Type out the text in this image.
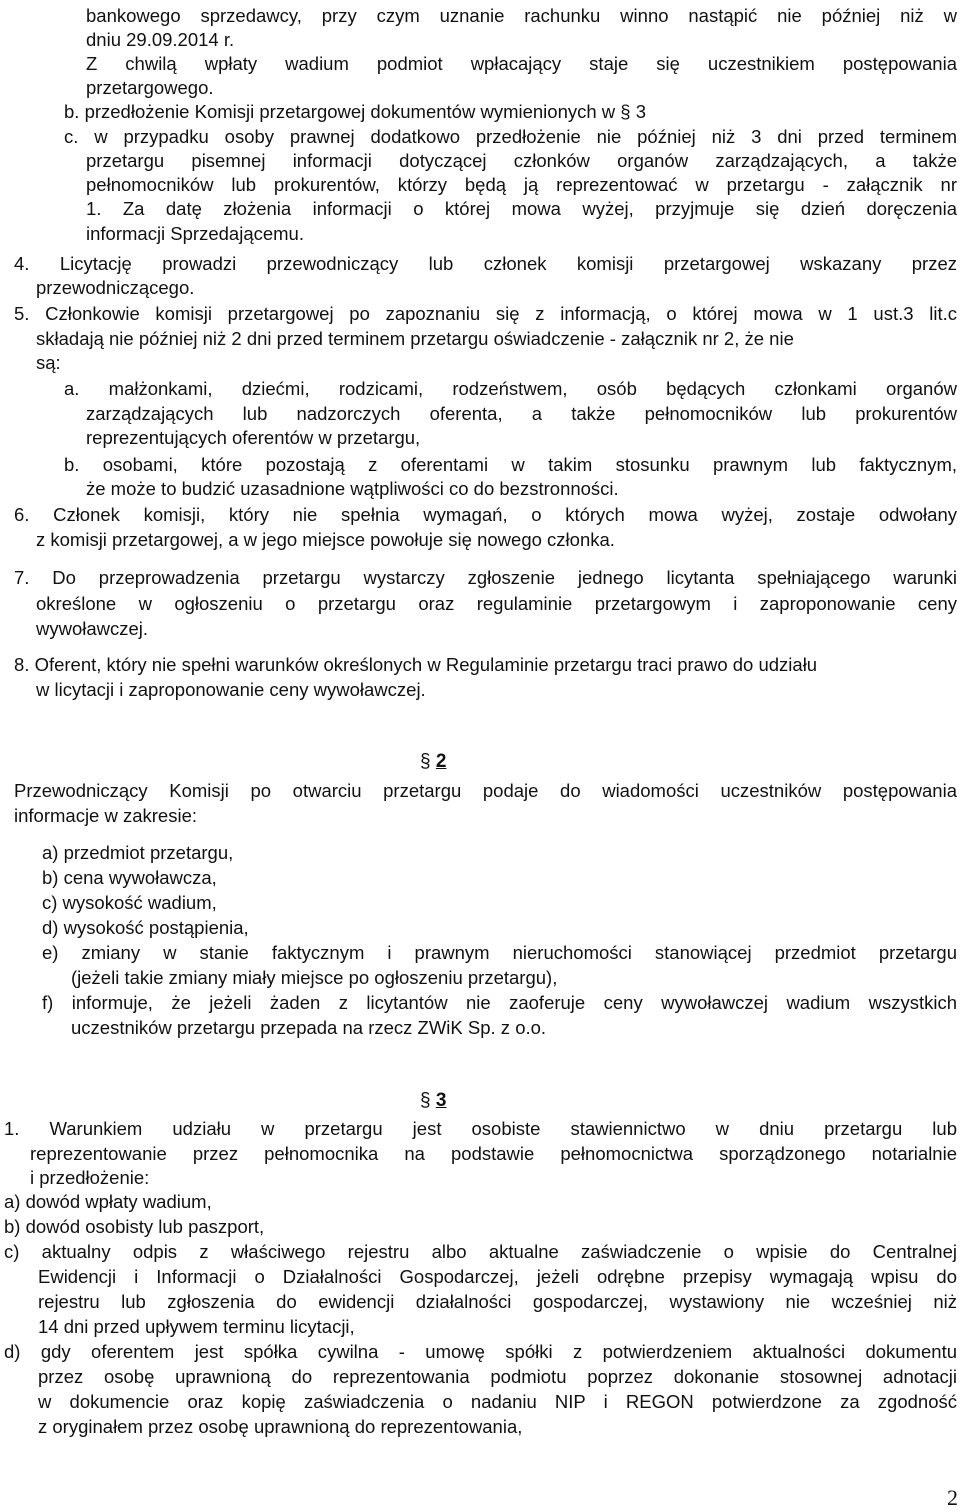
bankowego sprzedawcy, przy czym uznanie rachunku winno nastąpić nie później niż w
dniu 29.09.2014 r.
Z chwilą wpłaty wadium podmiot wpłacający staje się uczestnikiem postępowania
przetargowego.
b. przedłożenie Komisji przetargowej dokumentów wymienionych w § 3
c. w przypadku osoby prawnej dodatkowo przedłożenie nie później niż 3 dni przed terminem
przetargu pisemnej informacji dotyczącej członków organów zarządzających, a także
pełnomocników lub prokurentów, którzy będą ją reprezentować w przetargu - załącznik nr
1. Za datę złożenia informacji o której mowa wyżej, przyjmuje się dzień doręczenia
informacji Sprzedającemu.
4. Licytację prowadzi przewodniczący lub członek komisji przetargowej wskazany przez
przewodniczącego.
5. Członkowie komisji przetargowej po zapoznaniu się z informacją, o której mowa w 1 ust.3 lit.c
składają nie później niż 2 dni przed terminem przetargu oświadczenie - załącznik nr 2, że nie
są:
a. małżonkami, dziećmi, rodzicami, rodzeństwem, osób będących członkami organów
zarządzających lub nadzorczych oferenta, a także pełnomocników lub prokurentów
reprezentujących oferentów w przetargu,
b. osobami, które pozostają z oferentami w takim stosunku prawnym lub faktycznym,
że może to budzić uzasadnione wątpliwości co do bezstronności.
6. Członek komisji, który nie spełnia wymagań, o których mowa wyżej, zostaje odwołany
z komisji przetargowej, a w jego miejsce powołuje się nowego członka.
7. Do przeprowadzenia przetargu wystarczy zgłoszenie jednego licytanta spełniającego warunki
określone w ogłoszeniu o przetargu oraz regulaminie przetargowym i zaproponowanie ceny
wywoławczej.
8. Oferent, który nie spełni warunków określonych w Regulaminie przetargu traci prawo do udziału
w licytacji i zaproponowanie ceny wywoławczej.
§ 2
Przewodniczący Komisji po otwarciu przetargu podaje do wiadomości uczestników postępowania
informacje w zakresie:
a) przedmiot przetargu,
b) cena wywoławcza,
c) wysokość wadium,
d) wysokość postąpienia,
e) zmiany w stanie faktycznym i prawnym nieruchomości stanowiącej przedmiot przetargu
(jeżeli takie zmiany miały miejsce po ogłoszeniu przetargu),
f) informuje, że jeżeli żaden z licytantów nie zaoferuje ceny wywoławczej wadium wszystkich
uczestników przetargu przepada na rzecz ZWiK Sp. z o.o.
§ 3
1. Warunkiem udziału w przetargu jest osobiste stawiennictwo w dniu przetargu lub
reprezentowanie przez pełnomocnika na podstawie pełnomocnictwa sporządzonego notarialnie
i przedłożenie:
a) dowód wpłaty wadium,
b) dowód osobisty lub paszport,
c) aktualny odpis z właściwego rejestru albo aktualne zaświadczenie o wpisie do Centralnej
Ewidencji i Informacji o Działalności Gospodarczej, jeżeli odrębne przepisy wymagają wpisu do
rejestru lub zgłoszenia do ewidencji działalności gospodarczej, wystawiony nie wcześniej niż
14 dni przed upływem terminu licytacji,
d) gdy oferentem jest spółka cywilna - umowę spółki z potwierdzeniem aktualności dokumentu
przez osobę uprawnioną do reprezentowania podmiotu poprzez dokonanie stosownej adnotacji
w dokumencie oraz kopię zaświadczenia o nadaniu NIP i REGON potwierdzone za zgodność
z oryginałem przez osobę uprawnioną do reprezentowania,
2
